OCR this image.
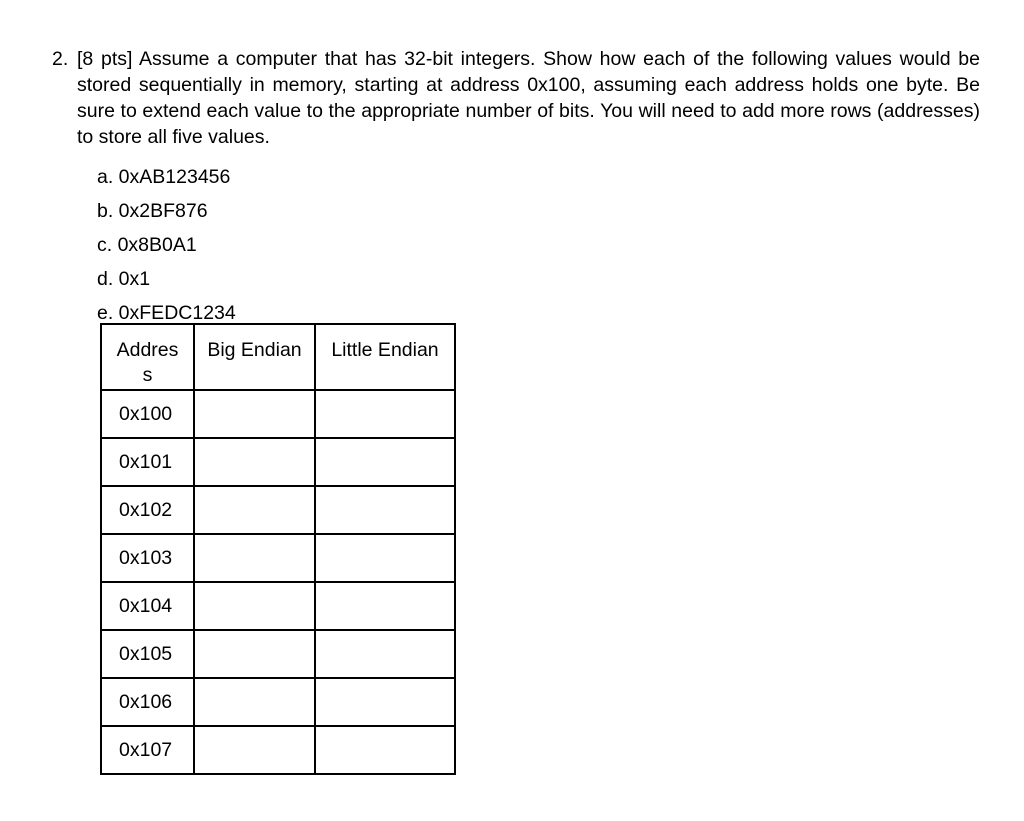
2. [8 pts] Assume a computer that has 32-bit integers. Show how each of the following values would be stored sequentially in memory, starting at address 0x100, assuming each address holds one byte. Be sure to extend each value to the appropriate number of bits. You will need to add more rows (addresses) to store all five values.
a. 0xAB123456
b. 0x2BF876
c. 0x8B0A1
d. 0x1
e. 0xFEDC1234
Address	Big Endian	Little Endian
0x100		
0x101		
0x102		
0x103		
0x104		
0x105		
0x106		
0x107		
